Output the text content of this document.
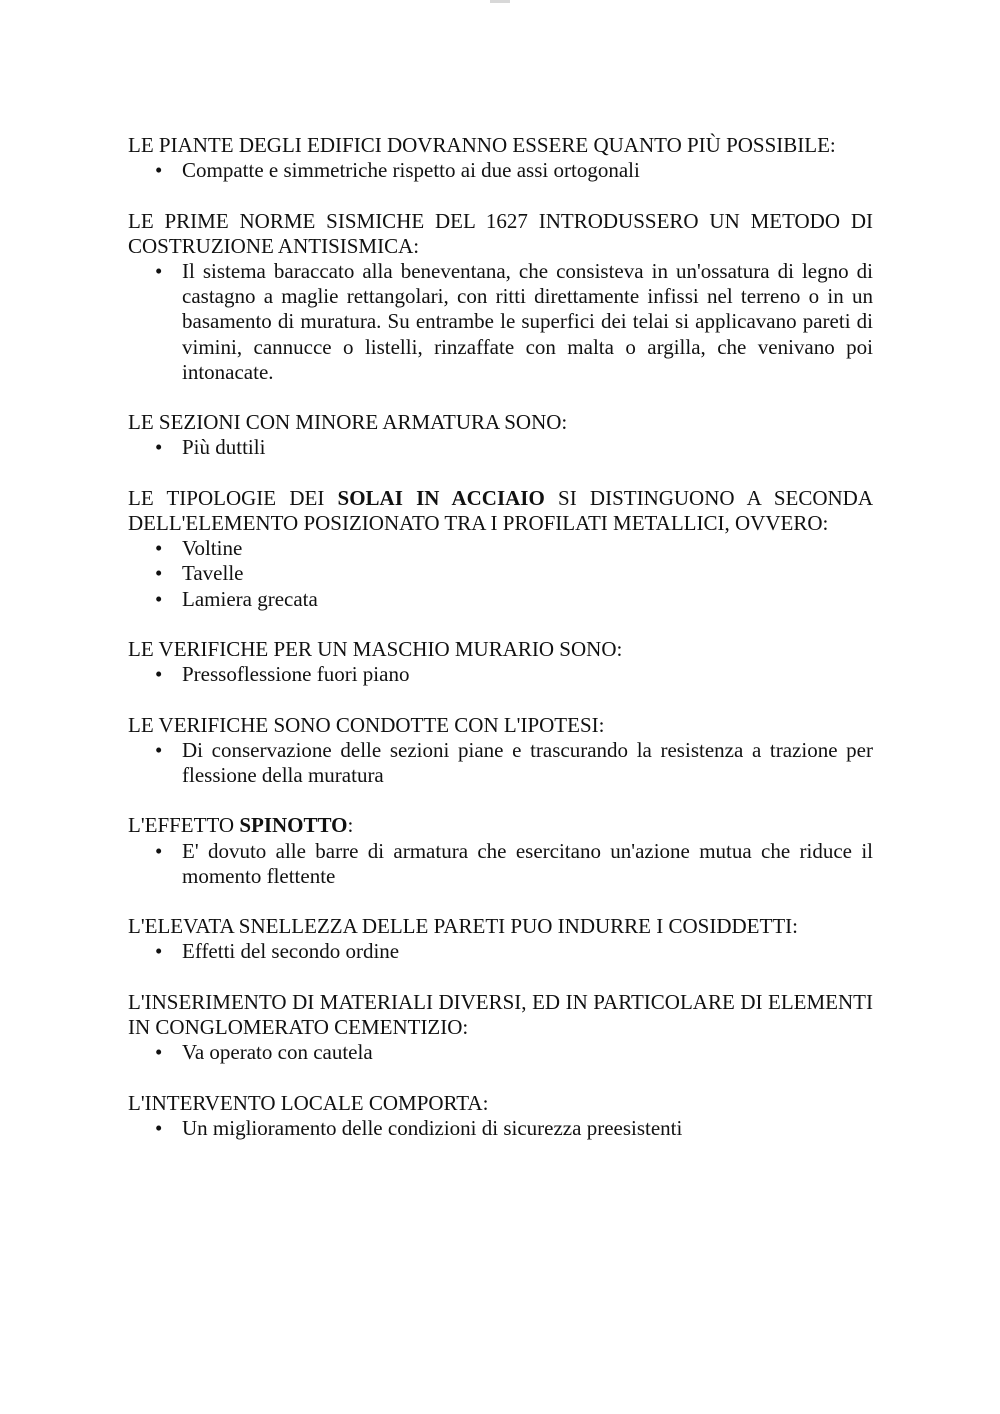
LE PIANTE DEGLI EDIFICI DOVRANNO ESSERE QUANTO PIÙ POSSIBILE:

• Compatte e simmetriche rispetto ai due assi ortogonali

LE PRIME NORME SISMICHE DEL 1627 INTRODUSSERO UN METODO DI COSTRUZIONE ANTISISMICA:

• Il sistema baraccato alla beneventana, che consisteva in un'ossatura di legno di castagno a maglie rettangolari, con ritti direttamente infissi nel terreno o in un basamento di muratura. Su entrambe le superfici dei telai si applicavano pareti di vimini, cannucce o listelli, rinzaffate con malta o argilla, che venivano poi intonacate.

LE SEZIONI CON MINORE ARMATURA SONO:

• Più duttili

LE TIPOLOGIE DEI SOLAI IN ACCIAIO SI DISTINGUONO A SECONDA DELL'ELEMENTO POSIZIONATO TRA I PROFILATI METALLICI, OVVERO:

• Voltine
• Tavelle
• Lamiera grecata

LE VERIFICHE PER UN MASCHIO MURARIO SONO:

• Pressoflessione fuori piano

LE VERIFICHE SONO CONDOTTE CON L'IPOTESI:

• Di conservazione delle sezioni piane e trascurando la resistenza a trazione per flessione della muratura

L'EFFETTO SPINOTTO:

• E' dovuto alle barre di armatura che esercitano un'azione mutua che riduce il momento flettente

L'ELEVATA SNELLEZZA DELLE PARETI PUO INDURRE I COSIDDETTI:

• Effetti del secondo ordine

L'INSERIMENTO DI MATERIALI DIVERSI, ED IN PARTICOLARE DI ELEMENTI IN CONGLOMERATO CEMENTIZIO:

• Va operato con cautela

L'INTERVENTO LOCALE COMPORTA:

• Un miglioramento delle condizioni di sicurezza preesistenti
